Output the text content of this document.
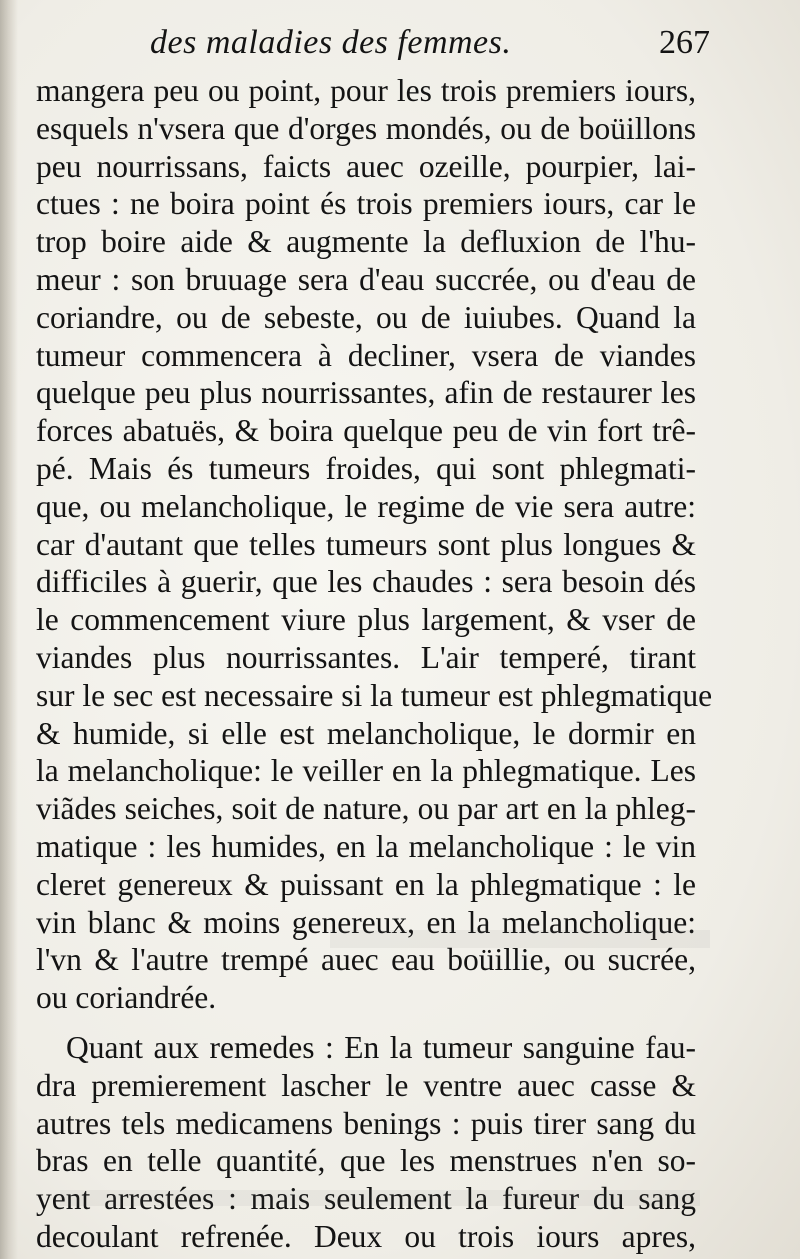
des maladies des femmes.	267
mangera peu ou point, pour les trois premiers iours,
esquels n'vsera que d'orges mondés, ou de boüillons
peu nourrissans, faicts auec ozeille, pourpier, lai-
ctues : ne boira point és trois premiers iours, car le
trop boire aide & augmente la defluxion de l'hu-
meur : son bruuage sera d'eau succrée, ou d'eau de
coriandre, ou de sebeste, ou de iuiubes. Quand la
tumeur commencera à decliner, vsera de viandes
quelque peu plus nourrissantes, afin de restaurer les
forces abatuës, & boira quelque peu de vin fort trê-
pé. Mais és tumeurs froides, qui sont phlegmati-
que, ou melancholique, le regime de vie sera autre:
car d'autant que telles tumeurs sont plus longues &
difficiles à guerir, que les chaudes : sera besoin dés
le commencement viure plus largement, & vser de
viandes plus nourrissantes. L'air temperé, tirant
sur le sec est necessaire si la tumeur est phlegmatique
& humide, si elle est melancholique, le dormir en
la melancholique: le veiller en la phlegmatique. Les
viãdes seiches, soit de nature, ou par art en la phleg-
matique : les humides, en la melancholique : le vin
cleret genereux & puissant en la phlegmatique : le
vin blanc & moins genereux, en la melancholique:
l'vn & l'autre trempé auec eau boüillie, ou sucrée,
ou coriandrée.
Quant aux remedes : En la tumeur sanguine fau-
dra premierement lascher le ventre auec casse &
autres tels medicamens benings : puis tirer sang du
bras en telle quantité, que les menstrues n'en so-
yent arrestées : mais seulement la fureur du sang
decoulant refrenée. Deux ou trois iours apres,
